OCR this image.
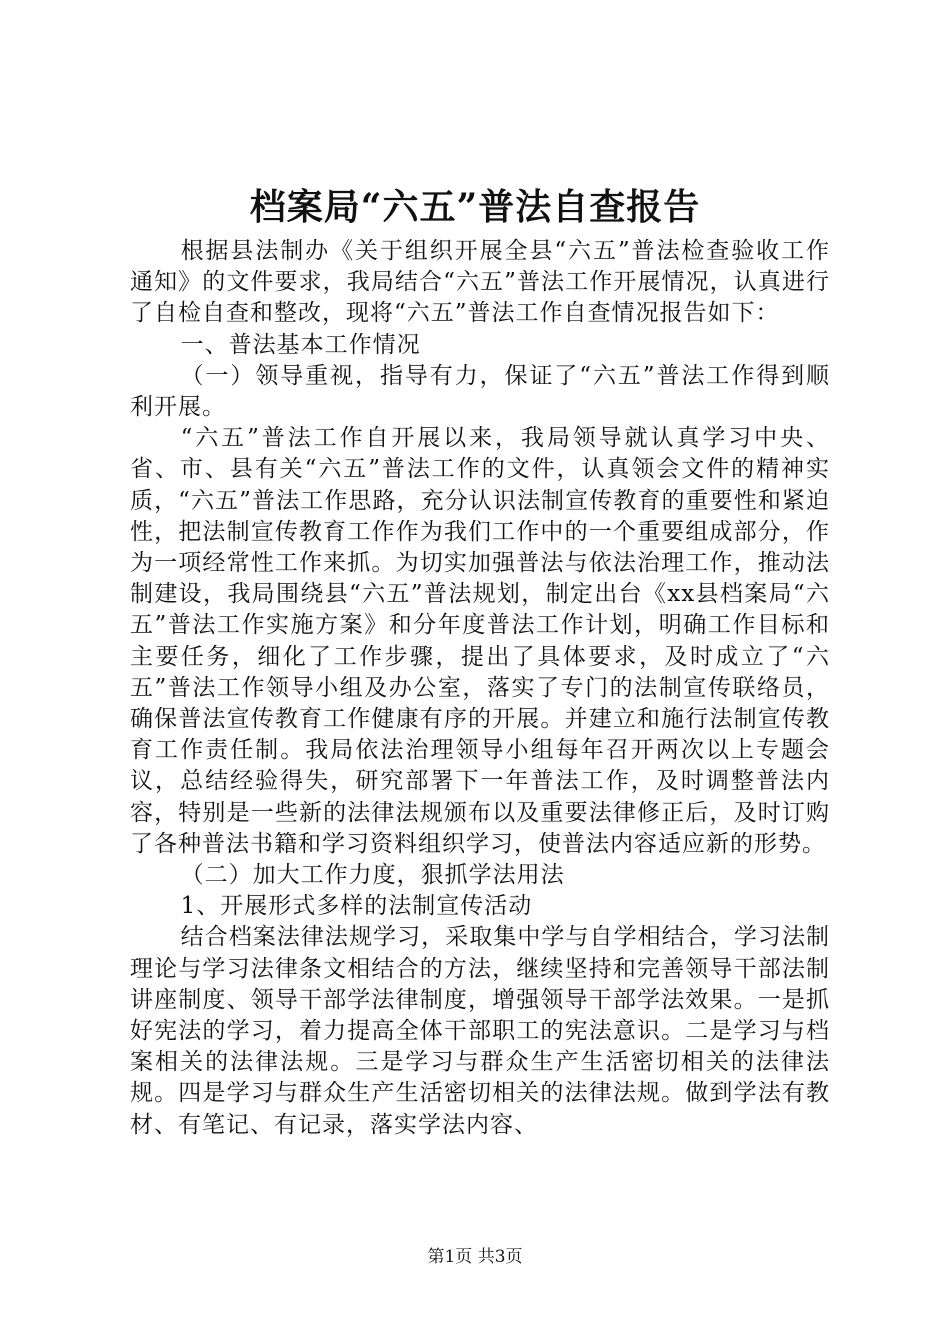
档案局“六五”普法自查报告

根据县法制办《关于组织开展全县“六五”普法检查验收工作通知》的文件要求，我局结合“六五”普法工作开展情况，认真进行了自检自查和整改，现将“六五”普法工作自查情况报告如下：

一、普法基本工作情况

（一）领导重视，指导有力，保证了“六五”普法工作得到顺利开展。

“六五”普法工作自开展以来，我局领导就认真学习中央、省、市、县有关“六五”普法工作的文件，认真领会文件的精神实质，“六五”普法工作思路，充分认识法制宣传教育的重要性和紧迫性，把法制宣传教育工作作为我们工作中的一个重要组成部分，作为一项经常性工作来抓。为切实加强普法与依法治理工作，推动法制建设，我局围绕县“六五”普法规划，制定出台《xx县档案局“六五”普法工作实施方案》和分年度普法工作计划，明确工作目标和主要任务，细化了工作步骤，提出了具体要求，及时成立了“六五”普法工作领导小组及办公室，落实了专门的法制宣传联络员，确保普法宣传教育工作健康有序的开展。并建立和施行法制宣传教育工作责任制。我局依法治理领导小组每年召开两次以上专题会议，总结经验得失，研究部署下一年普法工作，及时调整普法内容，特别是一些新的法律法规颁布以及重要法律修正后，及时订购了各种普法书籍和学习资料组织学习，使普法内容适应新的形势。

（二）加大工作力度，狠抓学法用法

1、开展形式多样的法制宣传活动

结合档案法律法规学习，采取集中学与自学相结合，学习法制理论与学习法律条文相结合的方法，继续坚持和完善领导干部法制讲座制度、领导干部学法律制度，增强领导干部学法效果。一是抓好宪法的学习，着力提高全体干部职工的宪法意识。二是学习与档案相关的法律法规。三是学习与群众生产生活密切相关的法律法规。四是学习与群众生产生活密切相关的法律法规。做到学法有教材、有笔记、有记录，落实学法内容、

第1页 共3页
